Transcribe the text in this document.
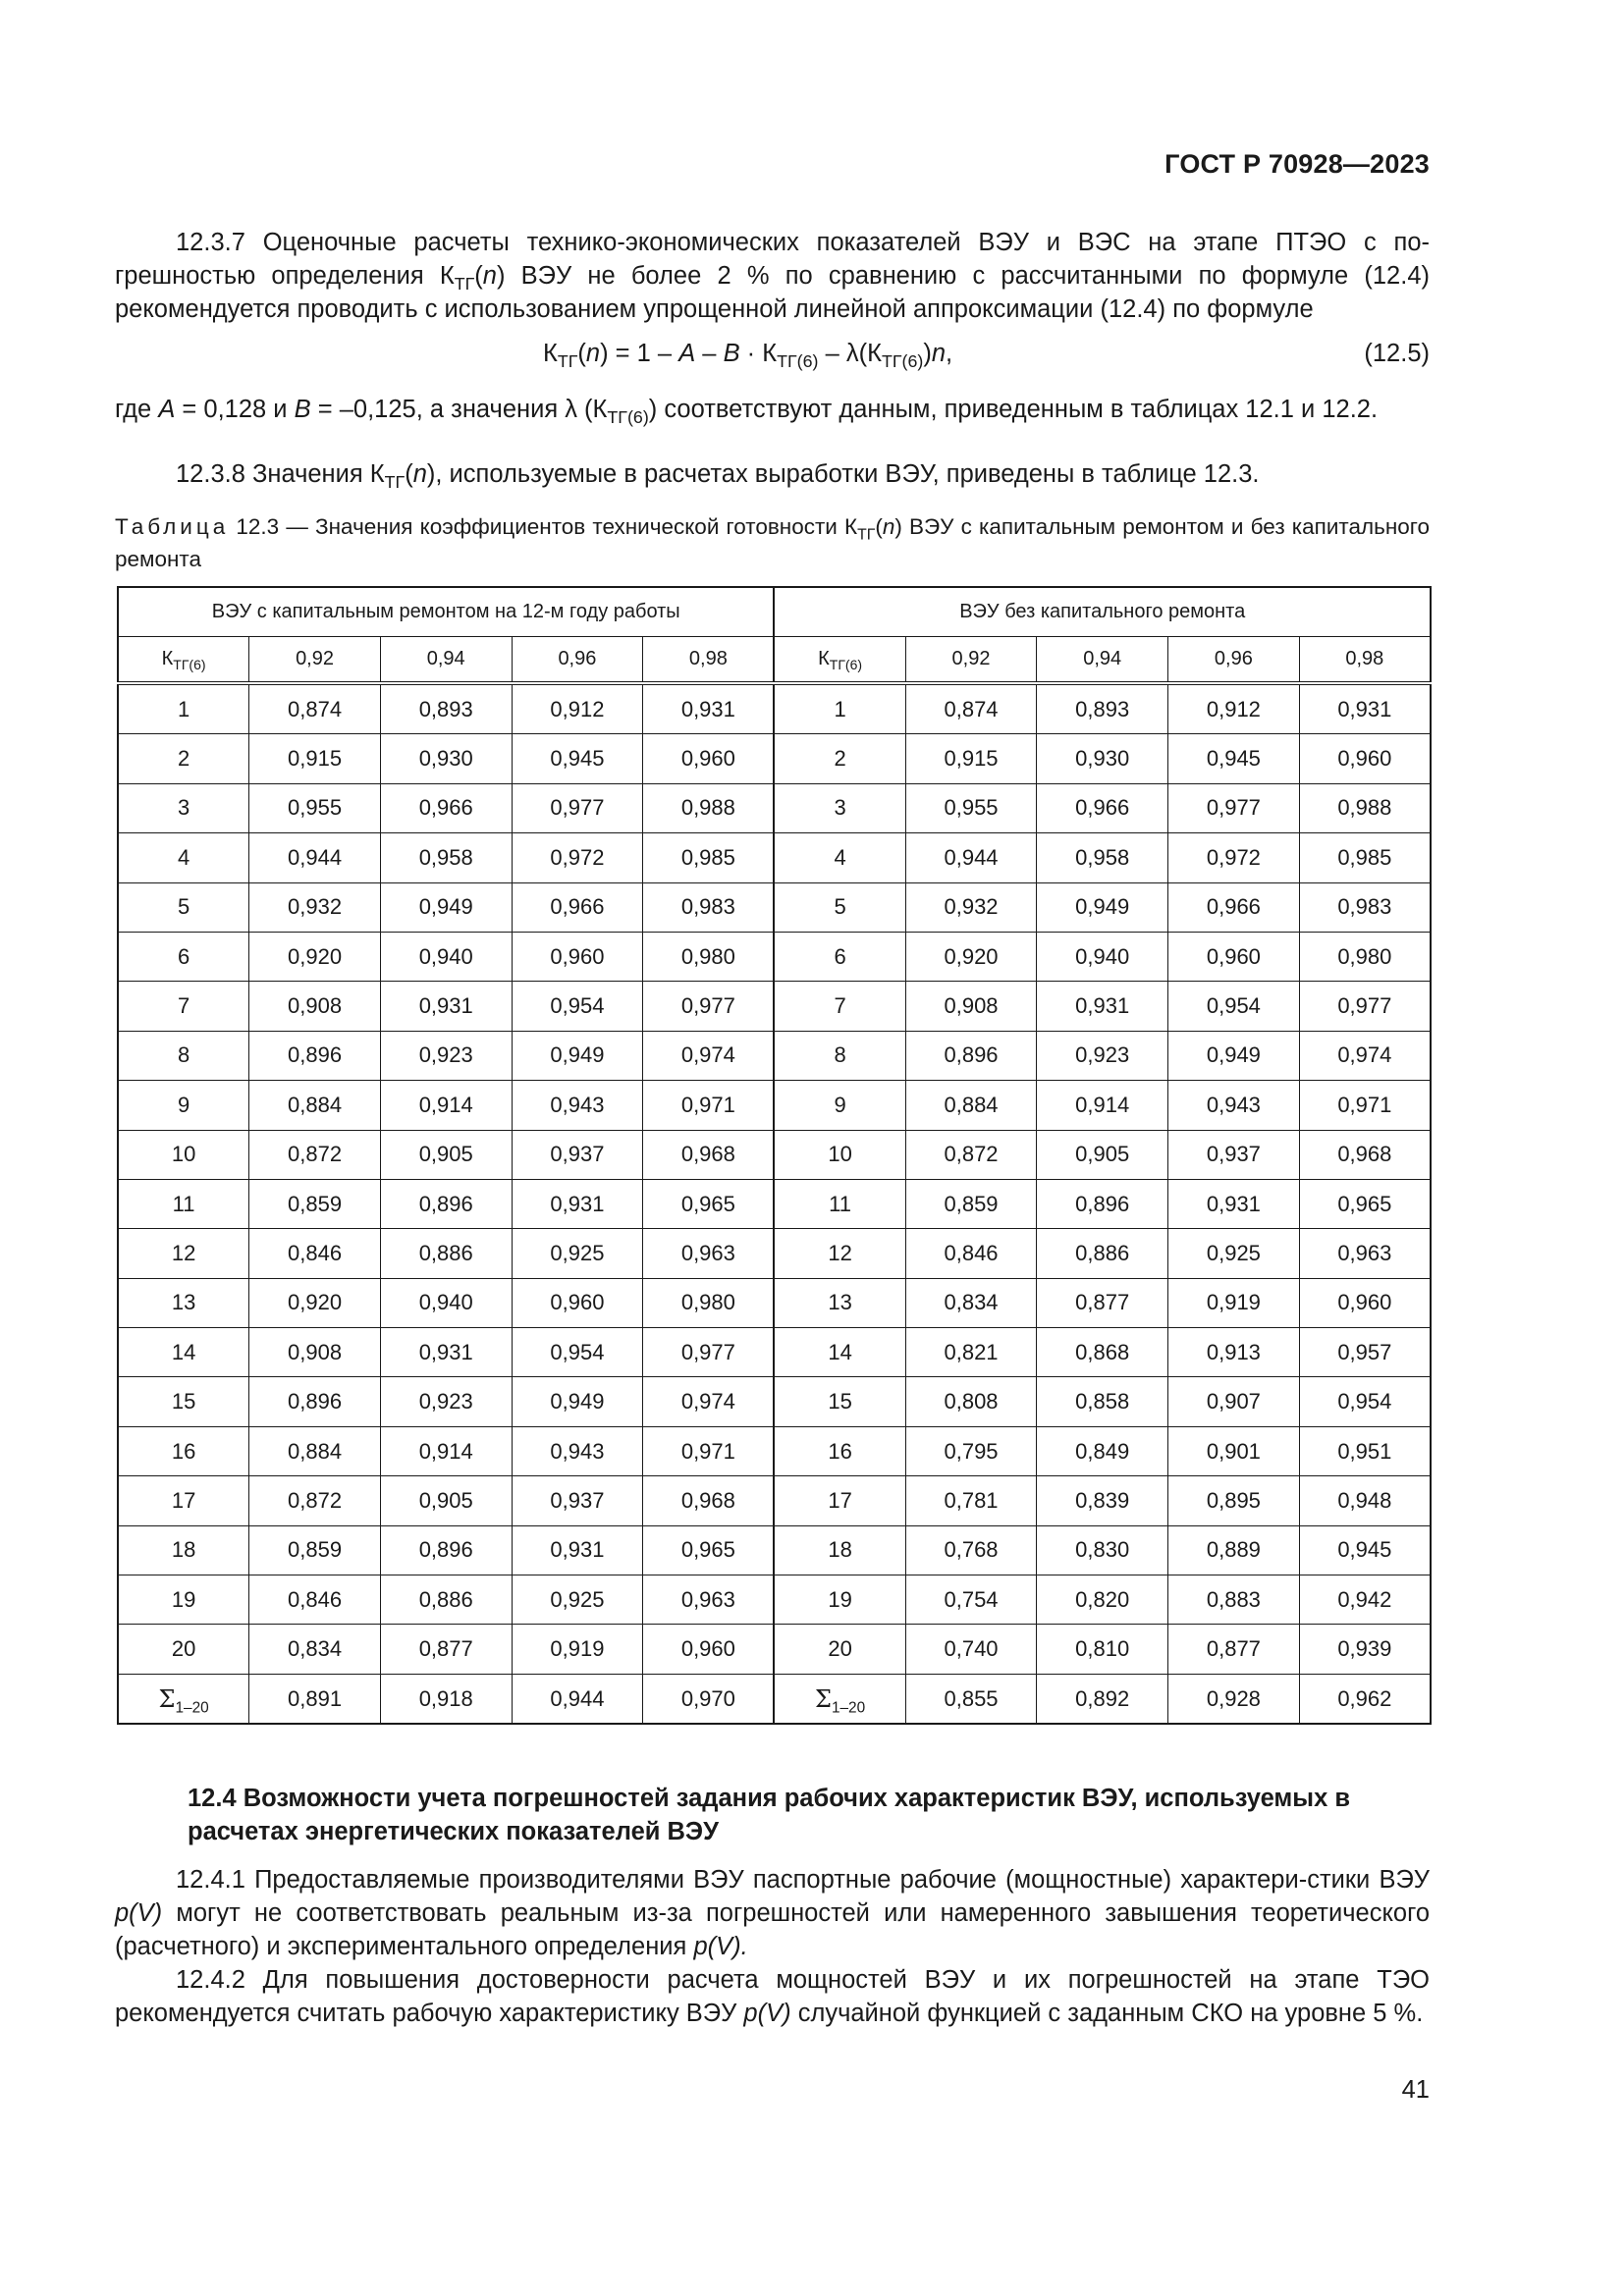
ГОСТ Р 70928—2023

12.3.7 Оценочные расчеты технико-экономических показателей ВЭУ и ВЭС на этапе ПТЭО с по-грешностью определения $К_{ТГ}(n)$ ВЭУ не более 2 % по сравнению с рассчитанными по формуле (12.4) рекомендуется проводить с использованием упрощенной линейной аппроксимации (12.4) по формуле

$К_{ТГ}(n) = 1 - A - B \cdot К_{ТГ(6)} - \lambda(К_{ТГ(6)})n$,	(12.5)

где A = 0,128 и B = –0,125, а значения λ $(К_{ТГ(6)})$ соответствуют данным, приведенным в таблицах 12.1 и 12.2.

12.3.8 Значения $К_{ТГ}(n)$, используемые в расчетах выработки ВЭУ, приведены в таблице 12.3.

Таблица 12.3 — Значения коэффициентов технической готовности $К_{ТГ}(n)$ ВЭУ с капитальным ремонтом и без капитального ремонта

ВЭУ с капитальным ремонтом на 12-м году работы					ВЭУ без капитального ремонта				
$К_{ТГ(6)}$	0,92	0,94	0,96	0,98	$К_{ТГ(6)}$	0,92	0,94	0,96	0,98
1	0,874	0,893	0,912	0,931	1	0,874	0,893	0,912	0,931
2	0,915	0,930	0,945	0,960	2	0,915	0,930	0,945	0,960
3	0,955	0,966	0,977	0,988	3	0,955	0,966	0,977	0,988
4	0,944	0,958	0,972	0,985	4	0,944	0,958	0,972	0,985
5	0,932	0,949	0,966	0,983	5	0,932	0,949	0,966	0,983
6	0,920	0,940	0,960	0,980	6	0,920	0,940	0,960	0,980
7	0,908	0,931	0,954	0,977	7	0,908	0,931	0,954	0,977
8	0,896	0,923	0,949	0,974	8	0,896	0,923	0,949	0,974
9	0,884	0,914	0,943	0,971	9	0,884	0,914	0,943	0,971
10	0,872	0,905	0,937	0,968	10	0,872	0,905	0,937	0,968
11	0,859	0,896	0,931	0,965	11	0,859	0,896	0,931	0,965
12	0,846	0,886	0,925	0,963	12	0,846	0,886	0,925	0,963
13	0,920	0,940	0,960	0,980	13	0,834	0,877	0,919	0,960
14	0,908	0,931	0,954	0,977	14	0,821	0,868	0,913	0,957
15	0,896	0,923	0,949	0,974	15	0,808	0,858	0,907	0,954
16	0,884	0,914	0,943	0,971	16	0,795	0,849	0,901	0,951
17	0,872	0,905	0,937	0,968	17	0,781	0,839	0,895	0,948
18	0,859	0,896	0,931	0,965	18	0,768	0,830	0,889	0,945
19	0,846	0,886	0,925	0,963	19	0,754	0,820	0,883	0,942
20	0,834	0,877	0,919	0,960	20	0,740	0,810	0,877	0,939
$\Sigma_{1-20}$	0,891	0,918	0,944	0,970	$\Sigma_{1-20}$	0,855	0,892	0,928	0,962
12.4 Возможности учета погрешностей задания рабочих характеристик ВЭУ, используемых в расчетах энергетических показателей ВЭУ

12.4.1 Предоставляемые производителями ВЭУ паспортные рабочие (мощностные) характери-стики ВЭУ p(V) могут не соответствовать реальным из-за погрешностей или намеренного завышения теоретического (расчетного) и экспериментального определения p(V).

12.4.2 Для повышения достоверности расчета мощностей ВЭУ и их погрешностей на этапе ТЭО рекомендуется считать рабочую характеристику ВЭУ p(V) случайной функцией с заданным СКО на уровне 5 %.

41
